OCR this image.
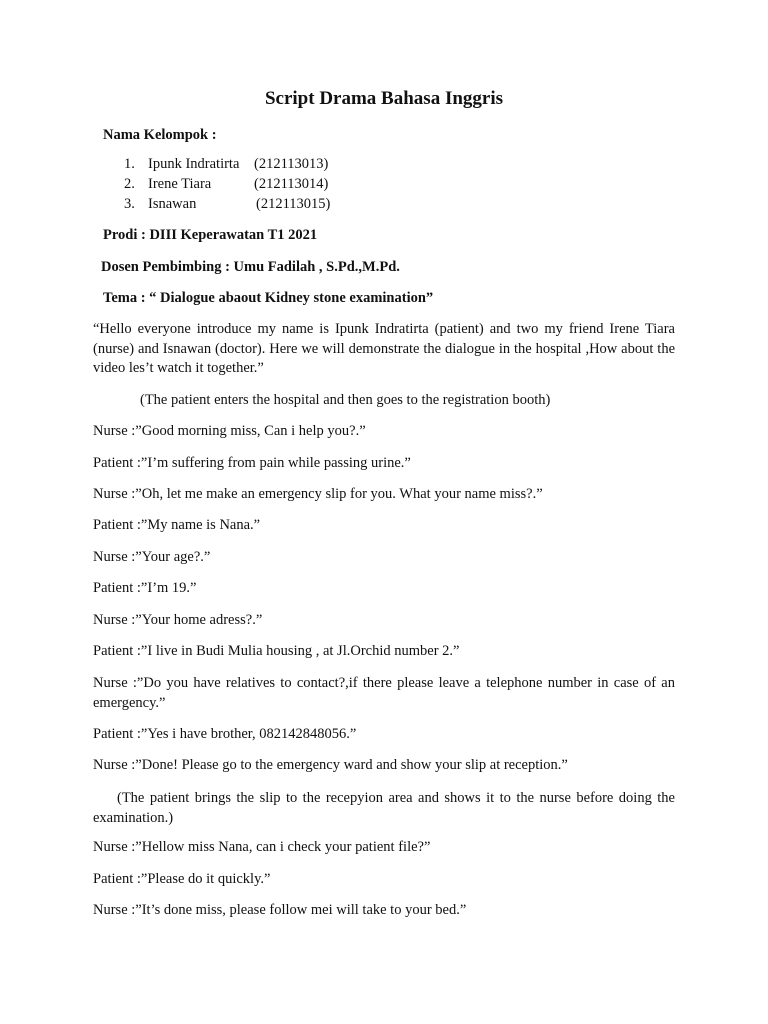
Script Drama Bahasa Inggris
Nama Kelompok :
1. Ipunk Indratirta (212113013)
2. Irene Tiara	(212113014)
3. Isnawan	(212113015)
Prodi : DIII Keperawatan T1 2021
Dosen Pembimbing : Umu Fadilah , S.Pd.,M.Pd.
Tema : “ Dialogue abaout Kidney stone examination”
“Hello everyone introduce my name is Ipunk Indratirta (patient) and two my friend Irene Tiara (nurse) and Isnawan (doctor). Here we will demonstrate the dialogue in the hospital ,How about the video les’t watch it together.”
(The patient enters the hospital and then goes to the registration booth)
Nurse :”Good morning miss, Can i help you?.”
Patient :”I’m suffering from pain while passing urine.”
Nurse :”Oh, let me make an emergency slip for you. What your name miss?.”
Patient :”My name is Nana.”
Nurse :”Your age?.”
Patient :”I’m 19.”
Nurse :”Your home adress?.”
Patient :”I live in Budi Mulia housing , at Jl.Orchid number 2.”
Nurse :”Do you have relatives to contact?,if there please leave a telephone number in case of an emergency.”
Patient :”Yes i have brother, 082142848056.”
Nurse :”Done! Please go to the emergency ward and show your slip at reception.”
(The patient brings the slip to the recepyion area and shows it to the nurse before doing the examination.)
Nurse :”Hellow miss Nana, can i check your patient file?”
Patient :”Please do it quickly.”
Nurse :”It’s done miss, please follow mei will take to your bed.”
